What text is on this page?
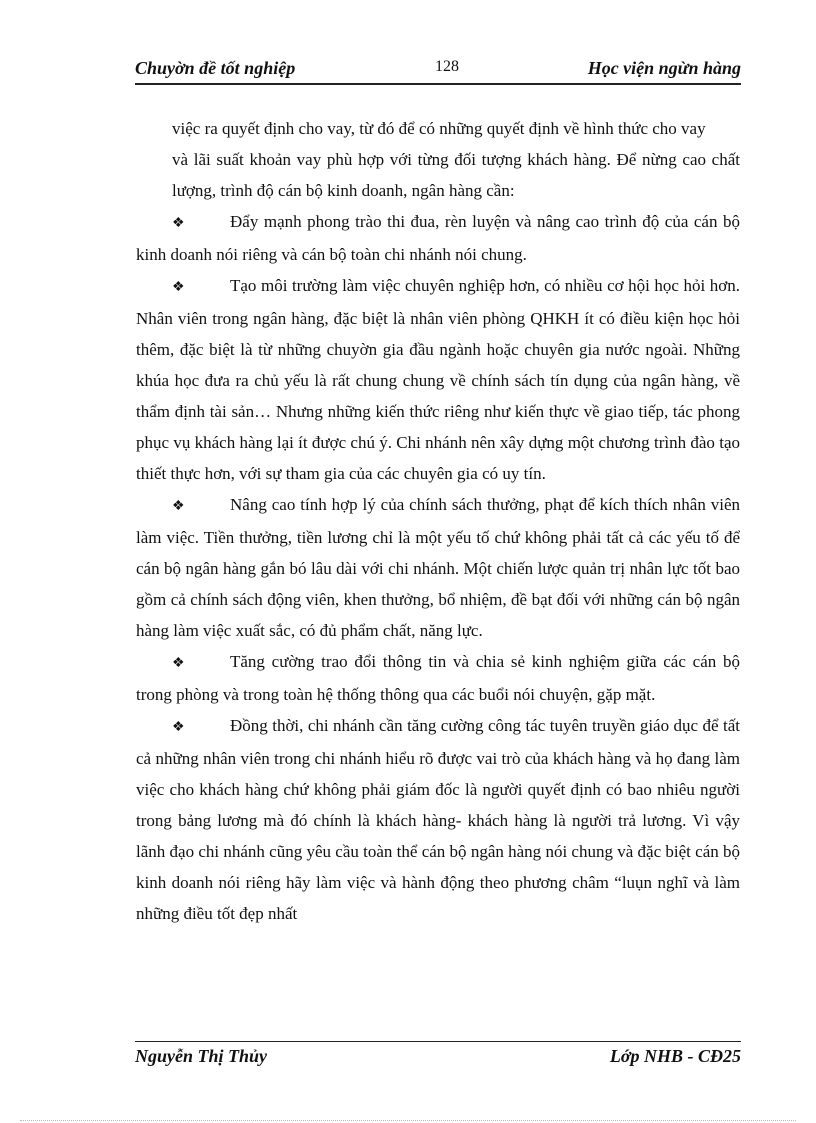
Chuyờn đề tốt nghiệp	128	Học viện ngừn hàng

việc ra quyết định cho vay, từ đó để có những quyết định về hình thức cho vay

và lãi suất khoản vay phù hợp với từng đối tượng khách hàng. Để nừng cao chất lượng, trình độ cán bộ kinh doanh, ngân hàng cần:

❖	Đẩy mạnh phong trào thi đua, rèn luyện và nâng cao trình độ của cán bộ kinh doanh nói riêng và cán bộ toàn chi nhánh nói chung.

❖	Tạo môi trường làm việc chuyên nghiệp hơn, có nhiều cơ hội học hỏi hơn. Nhân viên trong ngân hàng, đặc biệt là nhân viên phòng QHKH ít có điều kiện học hỏi thêm, đặc biệt là từ những chuyờn gia đầu ngành hoặc chuyên gia nước ngoài. Những khúa học đưa ra chủ yếu là rất chung chung về chính sách tín dụng của ngân hàng, về thẩm định tài sản… Nhưng những kiến thức riêng như kiến thực về giao tiếp, tác phong phục vụ khách hàng lại ít được chú ý. Chi nhánh nên xây dựng một chương trình đào tạo thiết thực hơn, với sự tham gia của các chuyên gia có uy tín.

❖	Nâng cao tính hợp lý của chính sách thưởng, phạt để kích thích nhân viên làm việc. Tiền thưởng, tiền lương chỉ là một yếu tố chứ không phải tất cả các yếu tố để cán bộ ngân hàng gắn bó lâu dài với chi nhánh. Một chiến lược quản trị nhân lực tốt bao gồm cả chính sách động viên, khen thưởng, bổ nhiệm, đề bạt đối với những cán bộ ngân hàng làm việc xuất sắc, có đủ phẩm chất, năng lực.

❖	Tăng cường trao đổi thông tin và chia sẻ kinh nghiệm giữa các cán bộ trong phòng và trong toàn hệ thống thông qua các buổi nói chuyện, gặp mặt.

❖	Đồng thời, chi nhánh cần tăng cường công tác tuyên truyền giáo dục để tất cả những nhân viên trong chi nhánh hiểu rõ được vai trò của khách hàng và họ đang làm việc cho khách hàng chứ không phải giám đốc là người quyết định có bao nhiêu người trong bảng lương mà đó chính là khách hàng- khách hàng là người trả lương. Vì vậy lãnh đạo chi nhánh cũng yêu cầu toàn thể cán bộ ngân hàng nói chung và đặc biệt cán bộ kinh doanh nói riêng hãy làm việc và hành động theo phương châm “luụn nghĩ và làm những điều tốt đẹp nhất

Nguyễn Thị Thủy	Lớp NHB - CĐ25
